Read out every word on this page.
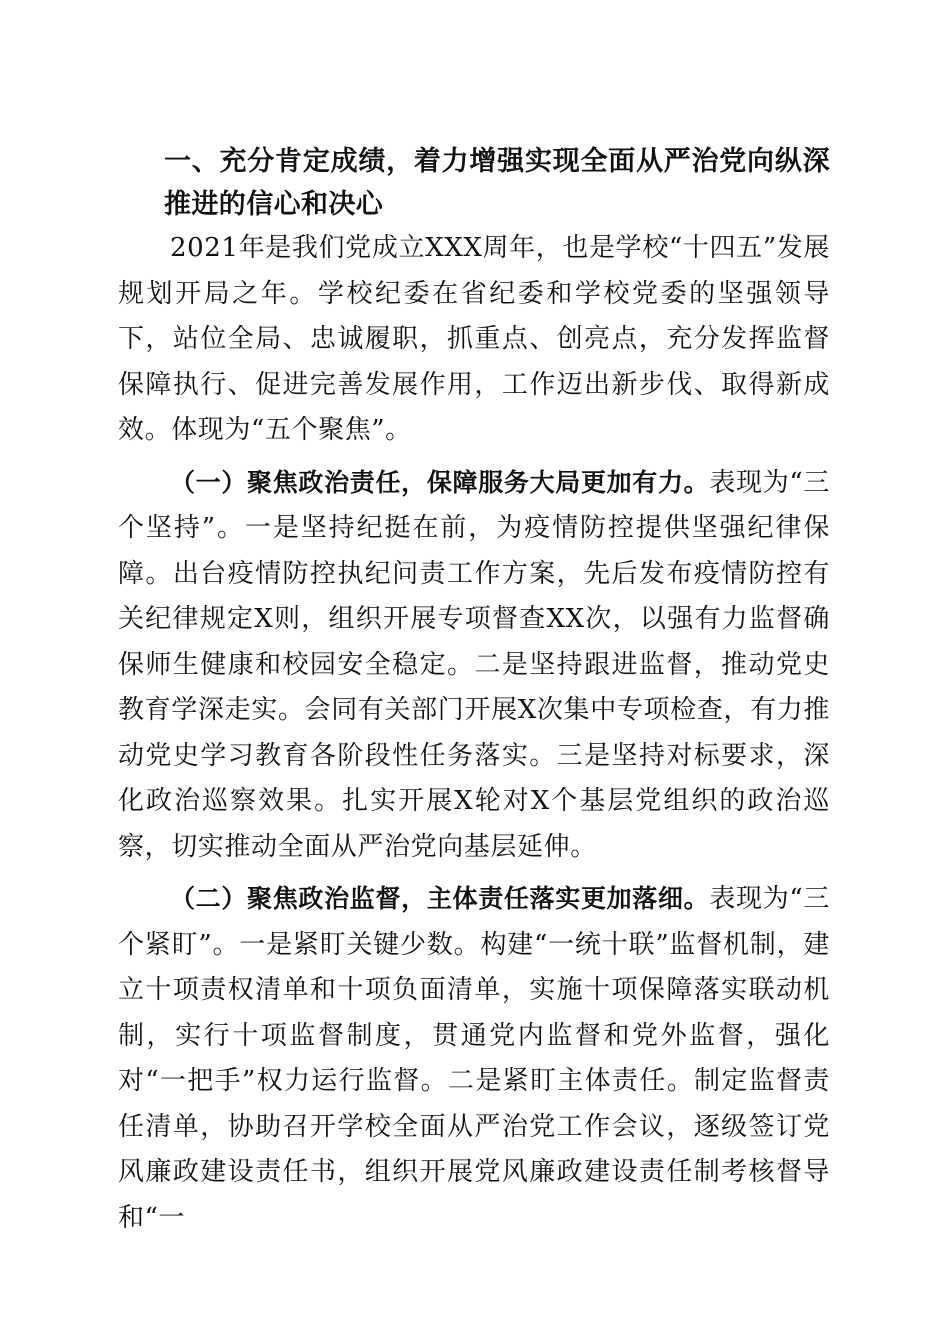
一、充分肯定成绩，着力增强实现全面从严治党向纵深推进的信心和决心

2021年是我们党成立XXX周年，也是学校“十四五”发展规划开局之年。学校纪委在省纪委和学校党委的坚强领导下，站位全局、忠诚履职，抓重点、创亮点，充分发挥监督保障执行、促进完善发展作用，工作迈出新步伐、取得新成效。体现为“五个聚焦”。

（一）聚焦政治责任，保障服务大局更加有力。表现为“三个坚持”。一是坚持纪挺在前，为疫情防控提供坚强纪律保障。出台疫情防控执纪问责工作方案，先后发布疫情防控有关纪律规定X则，组织开展专项督查XX次，以强有力监督确保师生健康和校园安全稳定。二是坚持跟进监督，推动党史教育学深走实。会同有关部门开展X次集中专项检查，有力推动党史学习教育各阶段性任务落实。三是坚持对标要求，深化政治巡察效果。扎实开展X轮对X个基层党组织的政治巡察，切实推动全面从严治党向基层延伸。

（二）聚焦政治监督，主体责任落实更加落细。表现为“三个紧盯”。一是紧盯关键少数。构建“一统十联”监督机制，建立十项责权清单和十项负面清单，实施十项保障落实联动机制，实行十项监督制度，贯通党内监督和党外监督，强化对“一把手”权力运行监督。二是紧盯主体责任。制定监督责任清单，协助召开学校全面从严治党工作会议，逐级签订党风廉政建设责任书，组织开展党风廉政建设责任制考核督导和“一
